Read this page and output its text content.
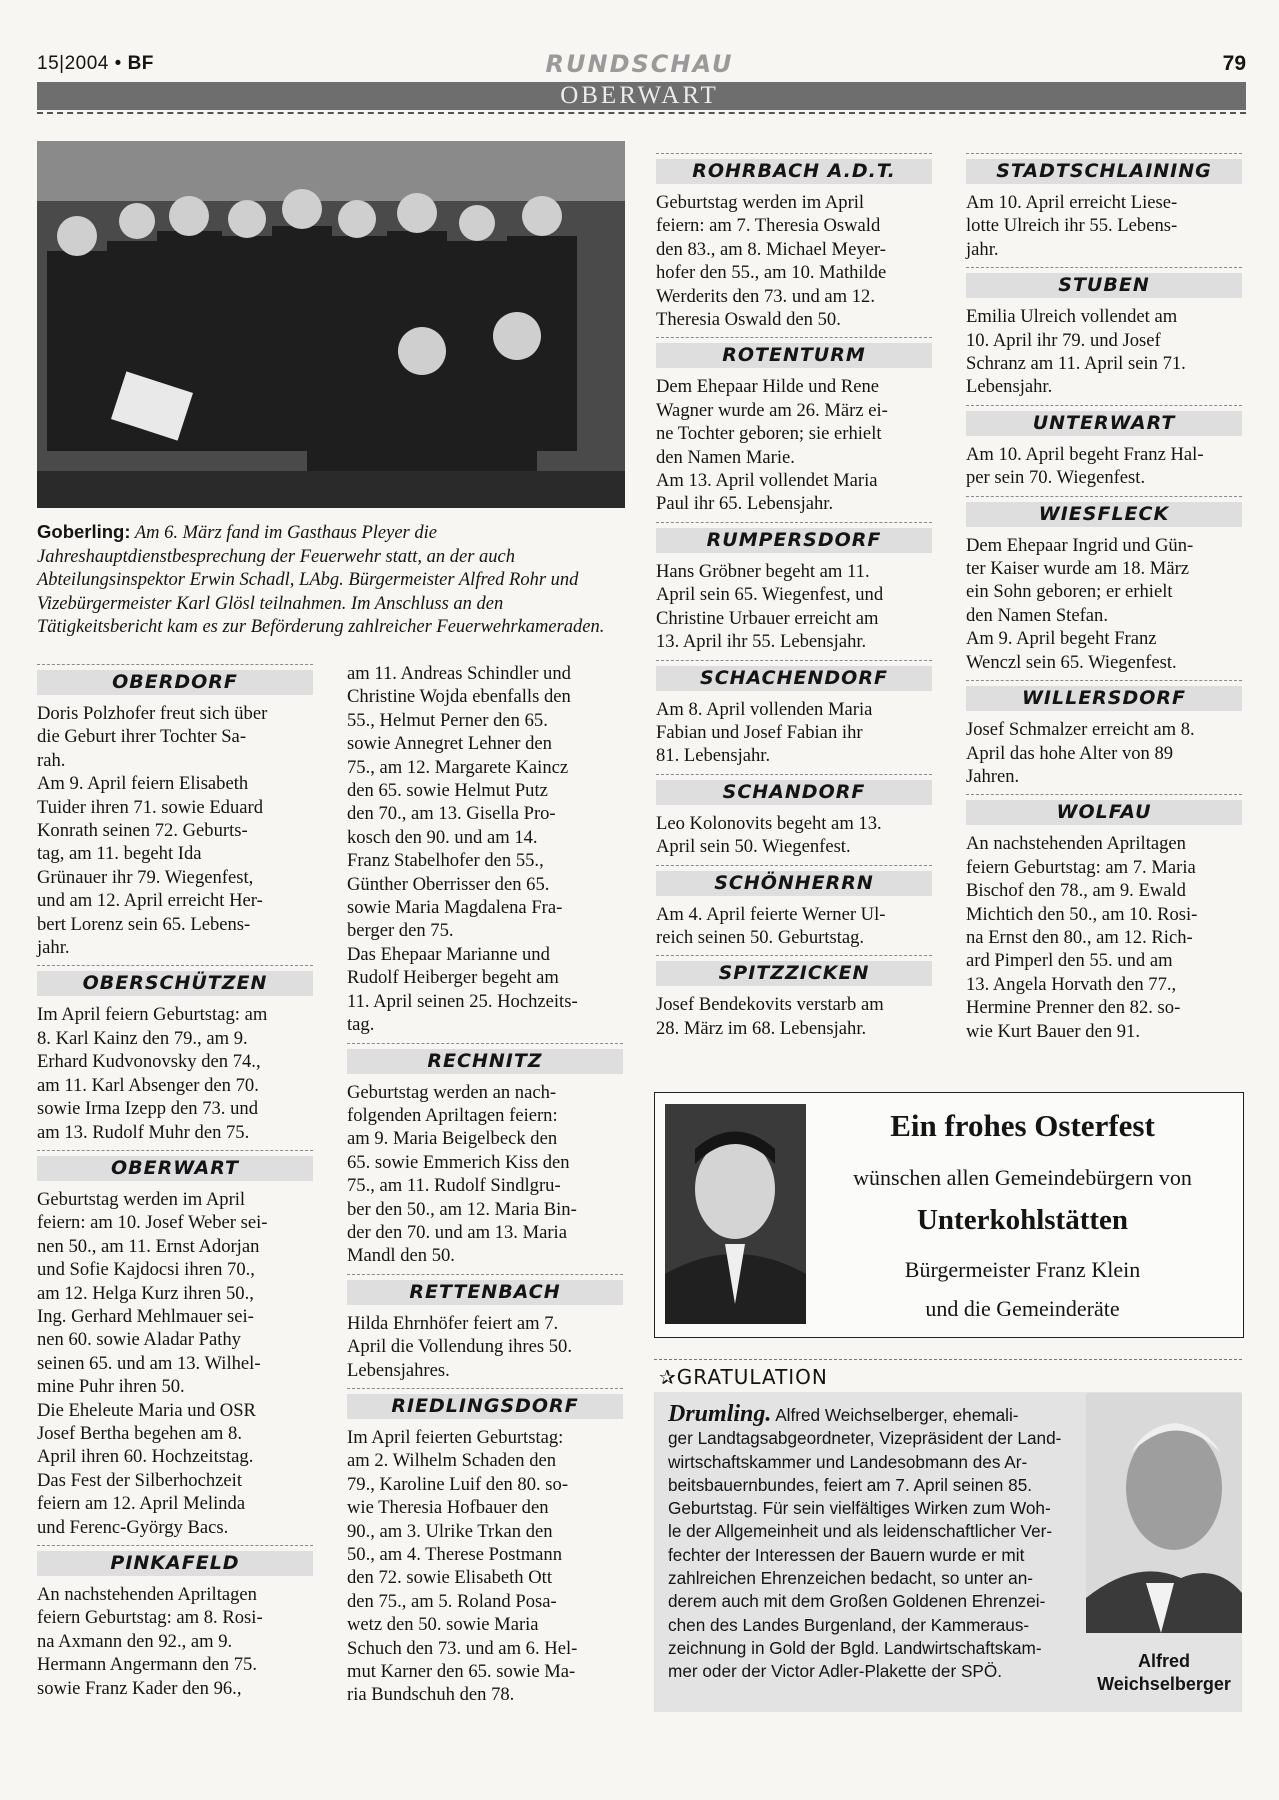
15|2004 • BF	RUNDSCHAU	79
OBERWART
Goberling: Am 6. März fand im Gasthaus Pleyer die Jahreshauptdienstbesprechung der Feuerwehr statt, an der auch Abteilungsinspektor Erwin Schadl, LAbg. Bürgermeister Alfred Rohr und Vizebürgermeister Karl Glösl teilnahmen. Im Anschluss an den Tätigkeitsbericht kam es zur Beförderung zahlreicher Feuerwehrkameraden.
OBERDORF

Doris Polzhofer freut sich über

die Geburt ihrer Tochter Sa-

rah.

Am 9. April feiern Elisabeth

Tuider ihren 71. sowie Eduard

Konrath seinen 72. Geburts-

tag, am 11. begeht Ida

Grünauer ihr 79. Wiegenfest,

und am 12. April erreicht Her-

bert Lorenz sein 65. Lebens-

jahr.

OBERSCHÜTZEN

Im April feiern Geburtstag: am

8. Karl Kainz den 79., am 9.

Erhard Kudvonovsky den 74.,

am 11. Karl Absenger den 70.

sowie Irma Izepp den 73. und

am 13. Rudolf Muhr den 75.

OBERWART

Geburtstag werden im April

feiern: am 10. Josef Weber sei-

nen 50., am 11. Ernst Adorjan

und Sofie Kajdocsi ihren 70.,

am 12. Helga Kurz ihren 50.,

Ing. Gerhard Mehlmauer sei-

nen 60. sowie Aladar Pathy

seinen 65. und am 13. Wilhel-

mine Puhr ihren 50.

Die Eheleute Maria und OSR

Josef Bertha begehen am 8.

April ihren 60. Hochzeitstag.

Das Fest der Silberhochzeit

feiern am 12. April Melinda

und Ferenc-György Bacs.

PINKAFELD

An nachstehenden Apriltagen

feiern Geburtstag: am 8. Rosi-

na Axmann den 92., am 9.

Hermann Angermann den 75.

sowie Franz Kader den 96.,

am 11. Andreas Schindler und

Christine Wojda ebenfalls den

55., Helmut Perner den 65.

sowie Annegret Lehner den

75., am 12. Margarete Kaincz

den 65. sowie Helmut Putz

den 70., am 13. Gisella Pro-

kosch den 90. und am 14.

Franz Stabelhofer den 55.,

Günther Oberrisser den 65.

sowie Maria Magdalena Fra-

berger den 75.

Das Ehepaar Marianne und

Rudolf Heiberger begeht am

11. April seinen 25. Hochzeits-

tag.

RECHNITZ

Geburtstag werden an nach-

folgenden Apriltagen feiern:

am 9. Maria Beigelbeck den

65. sowie Emmerich Kiss den

75., am 11. Rudolf Sindlgru-

ber den 50., am 12. Maria Bin-

der den 70. und am 13. Maria

Mandl den 50.

RETTENBACH

Hilda Ehrnhöfer feiert am 7.

April die Vollendung ihres 50.

Lebensjahres.

RIEDLINGSDORF

Im April feierten Geburtstag:

am 2. Wilhelm Schaden den

79., Karoline Luif den 80. so-

wie Theresia Hofbauer den

90., am 3. Ulrike Trkan den

50., am 4. Therese Postmann

den 72. sowie Elisabeth Ott

den 75., am 5. Roland Posa-

wetz den 50. sowie Maria

Schuch den 73. und am 6. Hel-

mut Karner den 65. sowie Ma-

ria Bundschuh den 78.

ROHRBACH A.D.T.

Geburtstag werden im April

feiern: am 7. Theresia Oswald

den 83., am 8. Michael Meyer-

hofer den 55., am 10. Mathilde

Werderits den 73. und am 12.

Theresia Oswald den 50.

ROTENTURM

Dem Ehepaar Hilde und Rene

Wagner wurde am 26. März ei-

ne Tochter geboren; sie erhielt

den Namen Marie.

Am 13. April vollendet Maria

Paul ihr 65. Lebensjahr.

RUMPERSDORF

Hans Gröbner begeht am 11.

April sein 65. Wiegenfest, und

Christine Urbauer erreicht am

13. April ihr 55. Lebensjahr.

SCHACHENDORF

Am 8. April vollenden Maria

Fabian und Josef Fabian ihr

81. Lebensjahr.

SCHANDORF

Leo Kolonovits begeht am 13.

April sein 50. Wiegenfest.

SCHÖNHERRN

Am 4. April feierte Werner Ul-

reich seinen 50. Geburtstag.

SPITZZICKEN

Josef Bendekovits verstarb am

28. März im 68. Lebensjahr.

STADTSCHLAINING

Am 10. April erreicht Liese-

lotte Ulreich ihr 55. Lebens-

jahr.

STUBEN

Emilia Ulreich vollendet am

10. April ihr 79. und Josef

Schranz am 11. April sein 71.

Lebensjahr.

UNTERWART

Am 10. April begeht Franz Hal-

per sein 70. Wiegenfest.

WIESFLECK

Dem Ehepaar Ingrid und Gün-

ter Kaiser wurde am 18. März

ein Sohn geboren; er erhielt

den Namen Stefan.

Am 9. April begeht Franz

Wenczl sein 65. Wiegenfest.

WILLERSDORF

Josef Schmalzer erreicht am 8.

April das hohe Alter von 89

Jahren.

WOLFAU

An nachstehenden Apriltagen

feiern Geburtstag: am 7. Maria

Bischof den 78., am 9. Ewald

Michtich den 50., am 10. Rosi-

na Ernst den 80., am 12. Rich-

ard Pimperl den 55. und am

13. Angela Horvath den 77.,

Hermine Prenner den 82. so-

wie Kurt Bauer den 91.

Ein frohes Osterfest
wünschen allen Gemeindebürgern von
Unterkohlstätten
Bürgermeister Franz Klein
und die Gemeinderäte
✰GRATULATION
Drumling. Alfred Weichselberger, ehemali-
ger Landtagsabgeordneter, Vizepräsident der Land-
wirtschaftskammer und Landesobmann des Ar-
beitsbauernbundes, feiert am 7. April seinen 85.
Geburtstag. Für sein vielfältiges Wirken zum Woh-
le der Allgemeinheit und als leidenschaftlicher Ver-
fechter der Interessen der Bauern wurde er mit
zahlreichen Ehrenzeichen bedacht, so unter an-
derem auch mit dem Großen Goldenen Ehrenzei-
chen des Landes Burgenland, der Kammeraus-
zeichnung in Gold der Bgld. Landwirtschaftskam-
mer oder der Victor Adler-Plakette der SPÖ.
Alfred
Weichselberger
